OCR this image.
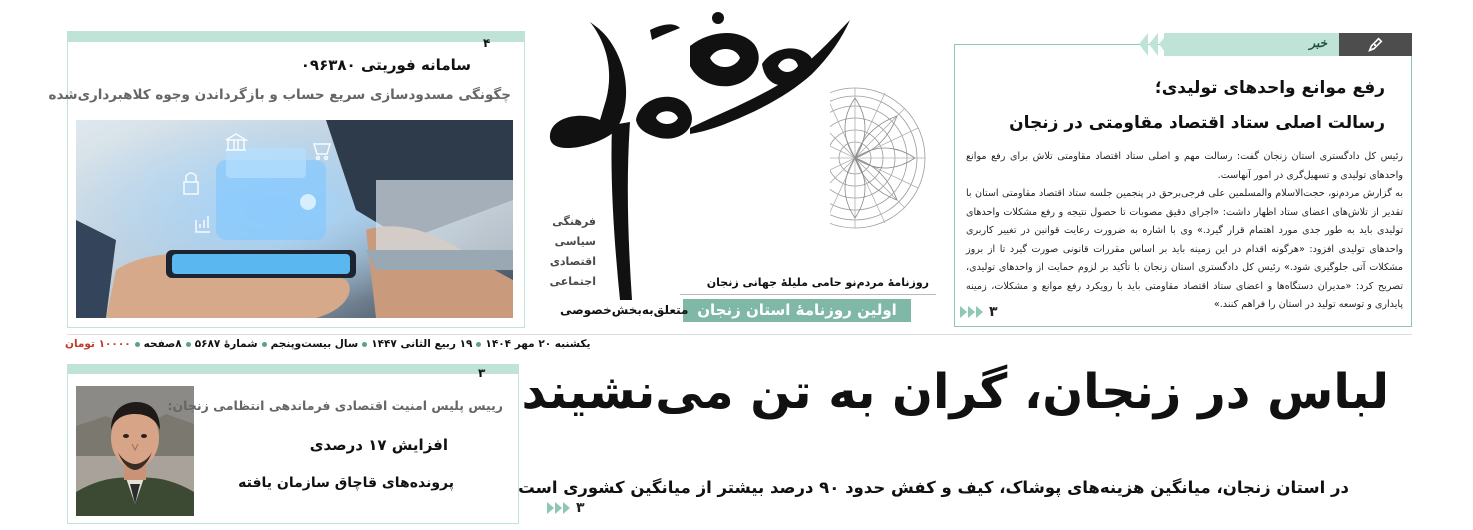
خبر
رفع موانع واحدهای تولیدی؛
رسالت اصلی ستاد اقتصاد مقاومتی در زنجان

رئیس کل دادگستری استان زنجان گفت: رسالت مهم و اصلی ستاد اقتصاد مقاومتی تلاش برای رفع موانع واحدهای تولیدی و تسهیل‌گری در امور آنهاست.

به گزارش مردم‌نو، حجت‌الاسلام والمسلمین علی فرجی‌برحق در پنجمین جلسه ستاد اقتصاد مقاومتی استان با تقدیر از تلاش‌های اعضای ستاد اظهار داشت: «اجرای دقیق مصوبات تا حصول نتیجه و رفع مشکلات واحدهای تولیدی باید به طور جدی مورد اهتمام قرار گیرد.» وی با اشاره به ضرورت رعایت قوانین در تغییر کاربری واحدهای تولیدی افزود: «هرگونه اقدام در این زمینه باید بر اساس مقررات قانونی صورت گیرد تا از بروز مشکلات آتی جلوگیری شود.» رئیس کل دادگستری استان زنجان با تأکید بر لزوم حمایت از واحدهای تولیدی، تصریح کرد: «مدیران دستگاه‌ها و اعضای ستاد اقتصاد مقاومتی باید با رویکرد رفع موانع و مشکلات، زمینه پایداری و توسعه تولید در استان را فراهم کنند.»

۳
فرهنگی
سیاسی
اقتصادی
اجتماعی	روزنامهٔ مردم‌نو حامی مليلهٔ جهانی زنجان
اولین روزنامهٔ استان زنجان
متعلق‌به‌بخش‌خصوصی
۴
سامانه فوریتی ۰۹۶۳۸۰
چگونگی مسدودسازی سریع حساب و بازگرداندن وجوه کلاهبرداری‌شده
یکشنبه ۲۰ مهر ۱۴۰۴
۱۹ ربیع الثانی ۱۴۴۷
سال بیست‌وپنجم
شمارهٔ ۵۶۸۷
۸صفحه
۱۰۰۰۰ تومان
۳
رییس پلیس امنیت اقتصادی فرماندهی انتظامی زنجان:
افزایش ۱۷ درصدی
پرونده‌های قاچاق سازمان یافته
لباس در زنجان، گران به تن می‌نشیند
در استان زنجان، میانگین هزینه‌های پوشاک، کیف و کفش حدود ۹۰ درصد بیشتر از میانگین کشوری است
۳
